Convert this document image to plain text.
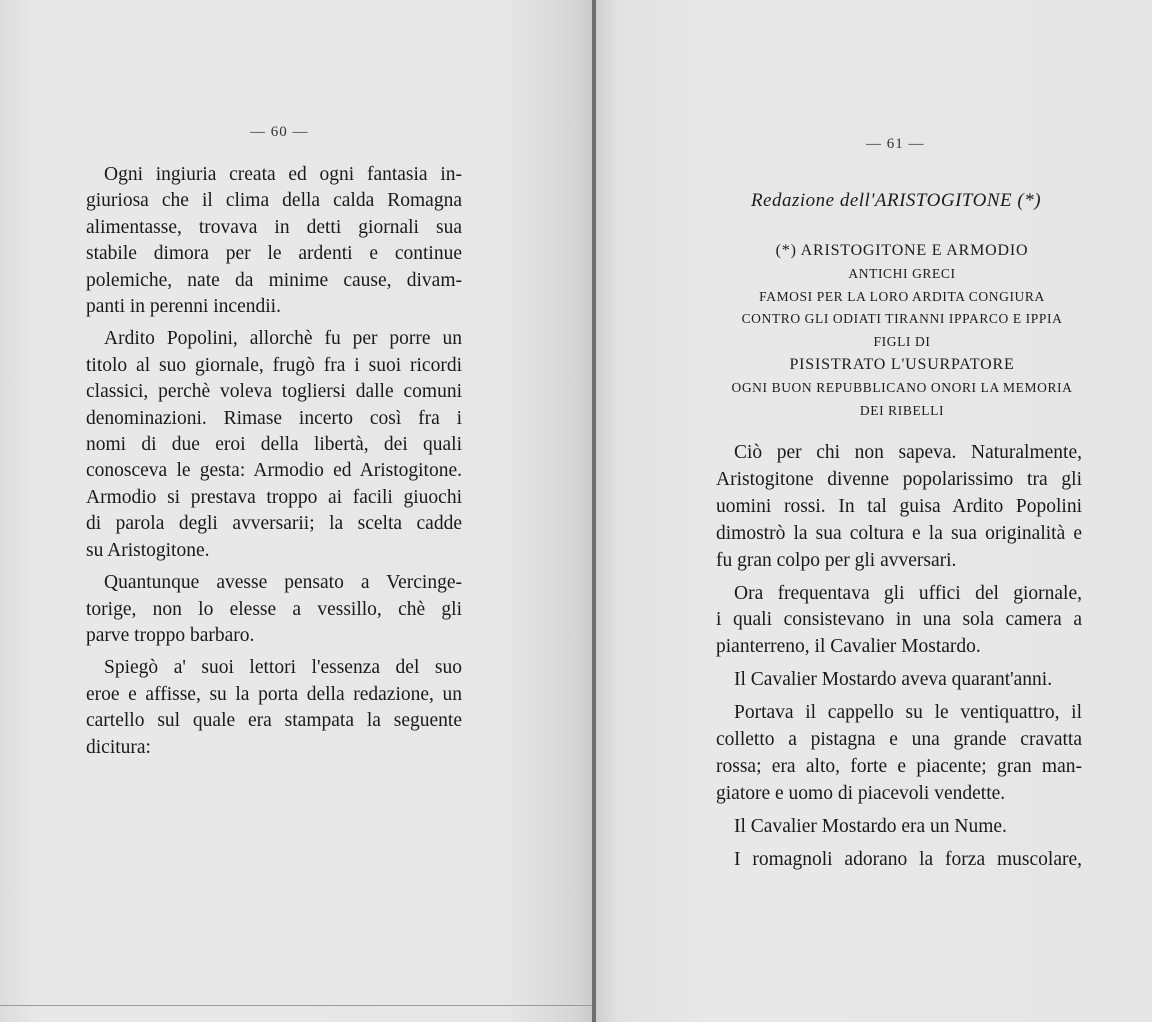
— 60 —
Ogni ingiuria creata ed ogni fantasia in-
giuriosa che il clima della calda Romagna
alimentasse, trovava in detti giornali sua
stabile dimora per le ardenti e continue
polemiche, nate da minime cause, divam-
panti in perenni incendii.
Ardito Popolini, allorchè fu per porre un
titolo al suo giornale, frugò fra i suoi ricordi
classici, perchè voleva togliersi dalle comuni
denominazioni. Rimase incerto così fra i
nomi di due eroi della libertà, dei quali
conosceva le gesta: Armodio ed Aristogitone.
Armodio si prestava troppo ai facili giuochi
di parola degli avversarii; la scelta cadde
su Aristogitone.
Quantunque avesse pensato a Vercinge-
torige, non lo elesse a vessillo, chè gli
parve troppo barbaro.
Spiegò a' suoi lettori l'essenza del suo
eroe e affisse, su la porta della redazione, un
cartello sul quale era stampata la seguente
dicitura:
— 61 —
Redazione dell'ARISTOGITONE (*)
(*) ARISTOGITONE E ARMODIO
ANTICHI GRECI
FAMOSI PER LA LORO ARDITA CONGIURA
CONTRO GLI ODIATI TIRANNI IPPARCO E IPPIA
FIGLI DI
PISISTRATO L'USURPATORE
OGNI BUON REPUBBLICANO ONORI LA MEMORIA
DEI RIBELLI
Ciò per chi non sapeva. Naturalmente,
Aristogitone divenne popolarissimo tra gli
uomini rossi. In tal guisa Ardito Popolini
dimostrò la sua coltura e la sua originalità e
fu gran colpo per gli avversari.
Ora frequentava gli uffici del giornale,
i quali consistevano in una sola camera a
pianterreno, il Cavalier Mostardo.
Il Cavalier Mostardo aveva quarant'anni.
Portava il cappello su le ventiquattro, il
colletto a pistagna e una grande cravatta
rossa; era alto, forte e piacente; gran man-
giatore e uomo di piacevoli vendette.
Il Cavalier Mostardo era un Nume.
I romagnoli adorano la forza muscolare,
